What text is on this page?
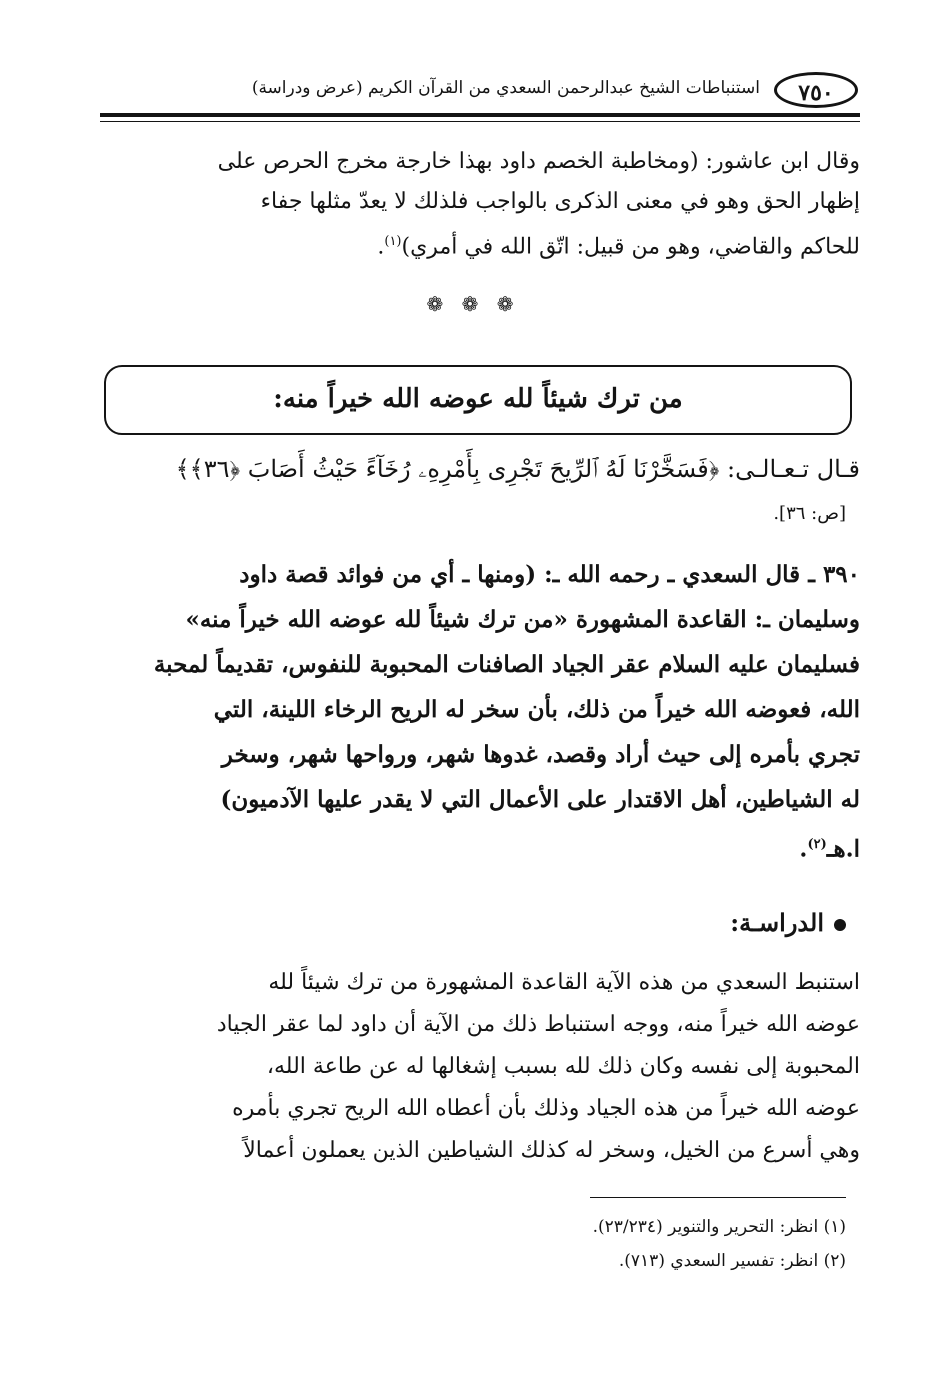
٧٥٠
استنباطات الشيخ عبدالرحمن السعدي من القرآن الكريم (عرض ودراسة)
وقال ابن عاشور: (ومخاطبة الخصم داود بهذا خارجة مخرج الحرص على
إظهار الحق وهو في معنى الذكرى بالواجب فلذلك لا يعدّ مثلها جفاء
للحاكم والقاضي، وهو من قبيل: اتّق الله في أمري)$^{(١)}$.
❁ ❁ ❁
من ترك شيئاً لله عوضه الله خيراً منه:
قـال تـعـالـى: ﴿فَسَخَّرْنَا لَهُ ٱلرِّيحَ تَجْرِى بِأَمْرِهِۦ رُخَآءً حَيْثُ أَصَابَ ﴿٣٦﴾﴾
[ص: ٣٦].
٣٩٠ ـ قال السعدي ـ رحمه الله ـ: (ومنها ـ أي من فوائد قصة داود
وسليمان ـ: القاعدة المشهورة «من ترك شيئاً لله عوضه الله خيراً منه»
فسليمان عليه السلام عقر الجياد الصافنات المحبوبة للنفوس، تقديماً لمحبة
الله، فعوضه الله خيراً من ذلك، بأن سخر له الريح الرخاء اللينة، التي
تجري بأمره إلى حيث أراد وقصد، غدوها شهر، ورواحها شهر، وسخر
له الشياطين، أهل الاقتدار على الأعمال التي لا يقدر عليها الآدميون)
ا.هـ$^{(٢)}$.
الدراسـة:
استنبط السعدي من هذه الآية القاعدة المشهورة من ترك شيئاً لله
عوضه الله خيراً منه، ووجه استنباط ذلك من الآية أن داود لما عقر الجياد
المحبوبة إلى نفسه وكان ذلك لله بسبب إشغالها له عن طاعة الله،
عوضه الله خيراً من هذه الجياد وذلك بأن أعطاه الله الريح تجري بأمره
وهي أسرع من الخيل، وسخر له كذلك الشياطين الذين يعملون أعمالاً
(١) انظر: التحرير والتنوير (٢٣/٢٣٤).
(٢) انظر: تفسير السعدي (٧١٣).
